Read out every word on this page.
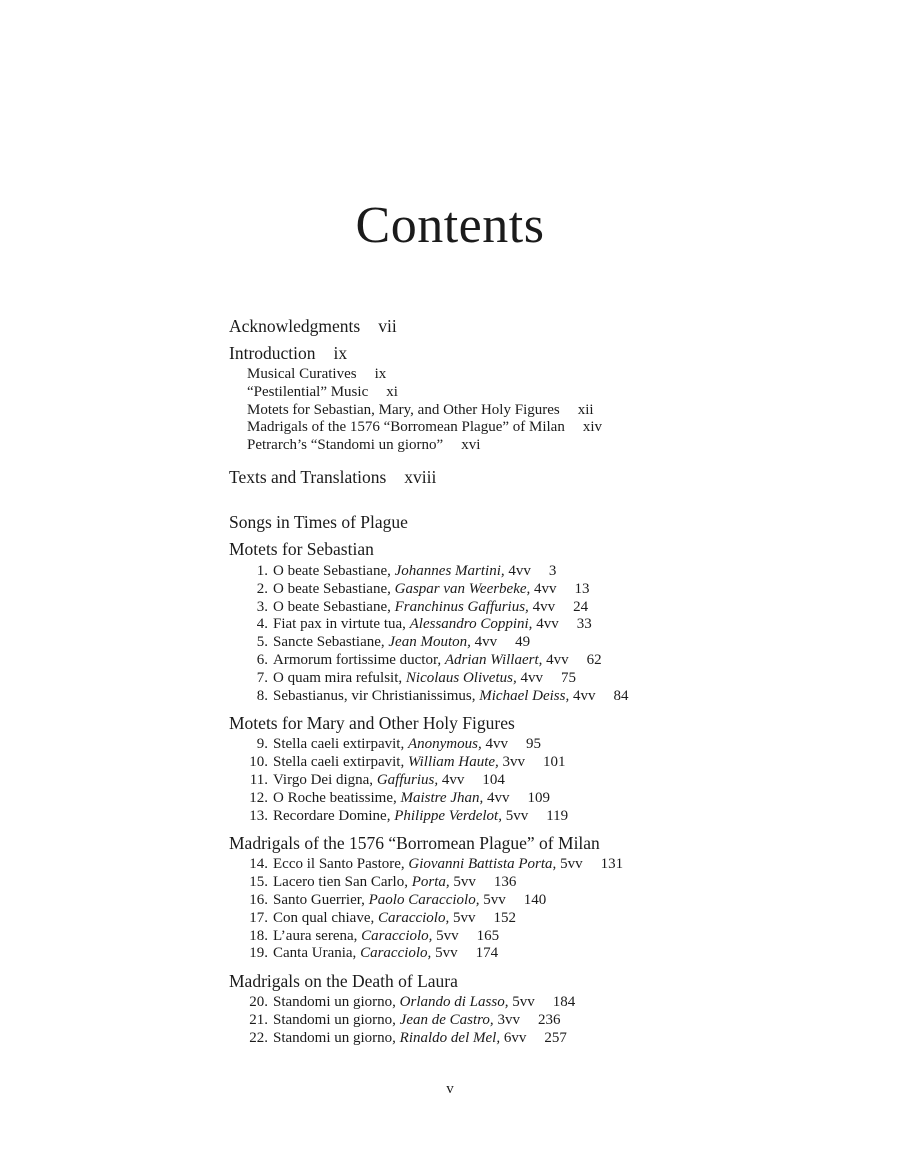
Contents
Acknowledgments vii
Introduction ix
Musical Curatives ix
“Pestilential” Music xi
Motets for Sebastian, Mary, and Other Holy Figures xii
Madrigals of the 1576 “Borromean Plague” of Milan xiv
Petrarch’s “Standomi un giorno” xvi
Texts and Translations xviii
Songs in Times of Plague
Motets for Sebastian
1. O beate Sebastiane, Johannes Martini, 4vv 3
2. O beate Sebastiane, Gaspar van Weerbeke, 4vv 13
3. O beate Sebastiane, Franchinus Gaffurius, 4vv 24
4. Fiat pax in virtute tua, Alessandro Coppini, 4vv 33
5. Sancte Sebastiane, Jean Mouton, 4vv 49
6. Armorum fortissime ductor, Adrian Willaert, 4vv 62
7. O quam mira refulsit, Nicolaus Olivetus, 4vv 75
8. Sebastianus, vir Christianissimus, Michael Deiss, 4vv 84
Motets for Mary and Other Holy Figures
9. Stella caeli extirpavit, Anonymous, 4vv 95
10. Stella caeli extirpavit, William Haute, 3vv 101
11. Virgo Dei digna, Gaffurius, 4vv 104
12. O Roche beatissime, Maistre Jhan, 4vv 109
13. Recordare Domine, Philippe Verdelot, 5vv 119
Madrigals of the 1576 “Borromean Plague” of Milan
14. Ecco il Santo Pastore, Giovanni Battista Porta, 5vv 131
15. Lacero tien San Carlo, Porta, 5vv 136
16. Santo Guerrier, Paolo Caracciolo, 5vv 140
17. Con qual chiave, Caracciolo, 5vv 152
18. L’aura serena, Caracciolo, 5vv 165
19. Canta Urania, Caracciolo, 5vv 174
Madrigals on the Death of Laura
20. Standomi un giorno, Orlando di Lasso, 5vv 184
21. Standomi un giorno, Jean de Castro, 3vv 236
22. Standomi un giorno, Rinaldo del Mel, 6vv 257
v
